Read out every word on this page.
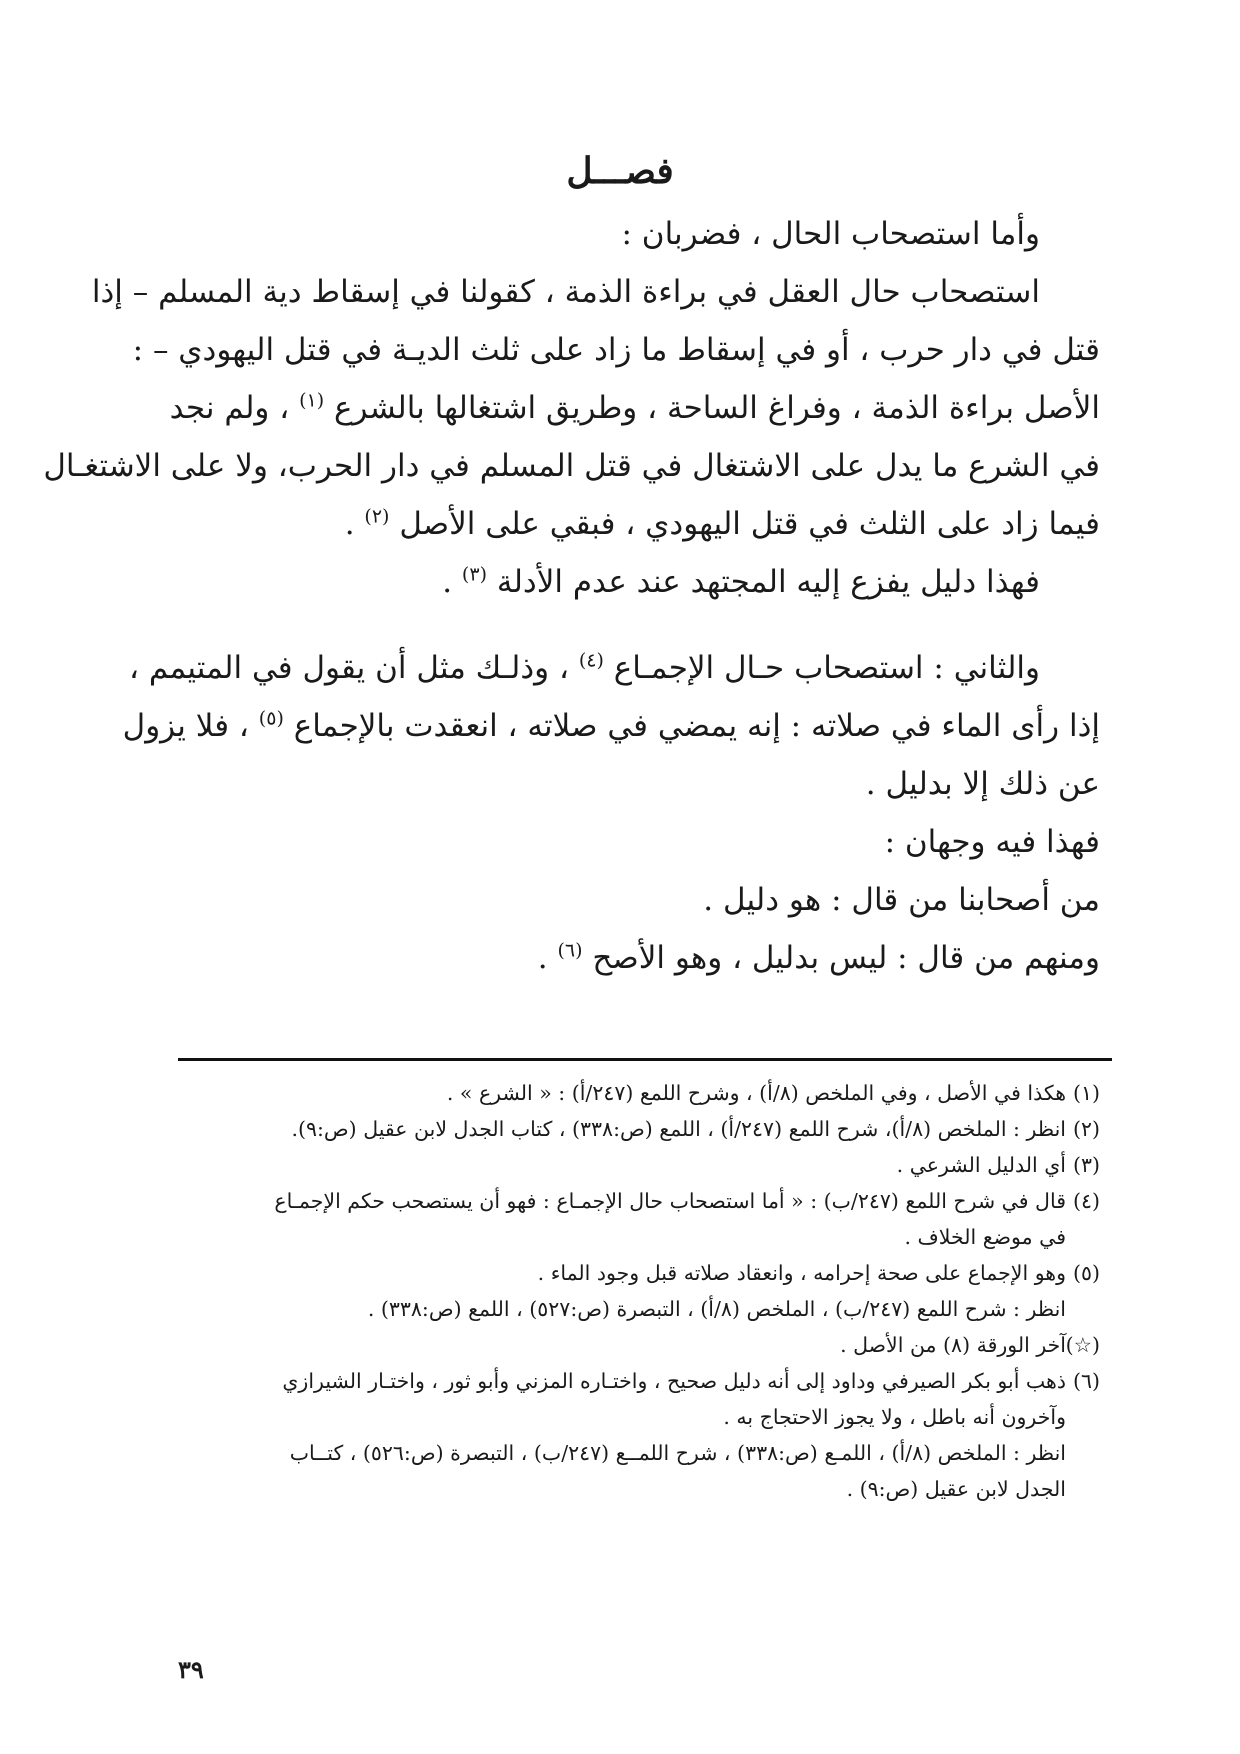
فصـــل
وأما استصحاب الحال ، فضربان :
استصحاب حال العقل في براءة الذمة ، كقولنا في إسقاط دية المسلم – إذا
قتل في دار حرب ، أو في إسقاط ما زاد على ثلث الديـة في قتل اليهودي – :
الأصل براءة الذمة ، وفراغ الساحة ، وطريق اشتغالها بالشرع $^{(١)}$ ، ولم نجد
في الشرع ما يدل على الاشتغال في قتل المسلم في دار الحرب، ولا على الاشتغـال
فيما زاد على الثلث في قتل اليهودي ، فبقي على الأصل $^{(٢)}$ .
فهذا دليل يفزع إليه المجتهد عند عدم الأدلة $^{(٣)}$ .
والثاني : استصحاب حـال الإجمـاع $^{(٤)}$ ، وذلـك مثل أن يقول في المتيمم ،
إذا رأى الماء في صلاته : إنه يمضي في صلاته ، انعقدت بالإجماع $^{(٥)}$ ، فلا يزول
عن ذلك إلا بدليل .
فهذا فيه وجهان :
من أصحابنا من قال : هو دليل .
ومنهم من قال : ليس بدليل ، وهو الأصح $^{(٦)}$ .
(١)هكذا في الأصل ، وفي الملخص (٨/أ) ، وشرح اللمع (٢٤٧/أ) : « الشرع » .
(٢)انظر : الملخص (٨/أ)، شرح اللمع (٢٤٧/أ) ، اللمع (ص:٣٣٨) ، كتاب الجدل لابن عقيل (ص:٩).
(٣)أي الدليل الشرعي .
(٤)قال في شرح اللمع (٢٤٧/ب) : « أما استصحاب حال الإجمـاع : فهو أن يستصحب حكم الإجمـاع
في موضع الخلاف .
(٥)وهو الإجماع على صحة إحرامه ، وانعقاد صلاته قبل وجود الماء .
انظر : شرح اللمع (٢٤٧/ب) ، الملخص (٨/أ) ، التبصرة (ص:٥٢٧) ، اللمع (ص:٣٣٨) .
(☆)آخر الورقة (٨) من الأصل .
(٦)ذهب أبو بكر الصيرفي وداود إلى أنه دليل صحيح ، واختـاره المزني وأبو ثور ، واختـار الشيرازي
وآخرون أنه باطل ، ولا يجوز الاحتجاج به .
انظر : الملخص (٨/أ) ، اللمـع (ص:٣٣٨) ، شرح اللمــع (٢٤٧/ب) ، التبصرة (ص:٥٢٦) ، كتــاب
الجدل لابن عقيل (ص:٩) .
٣٩
